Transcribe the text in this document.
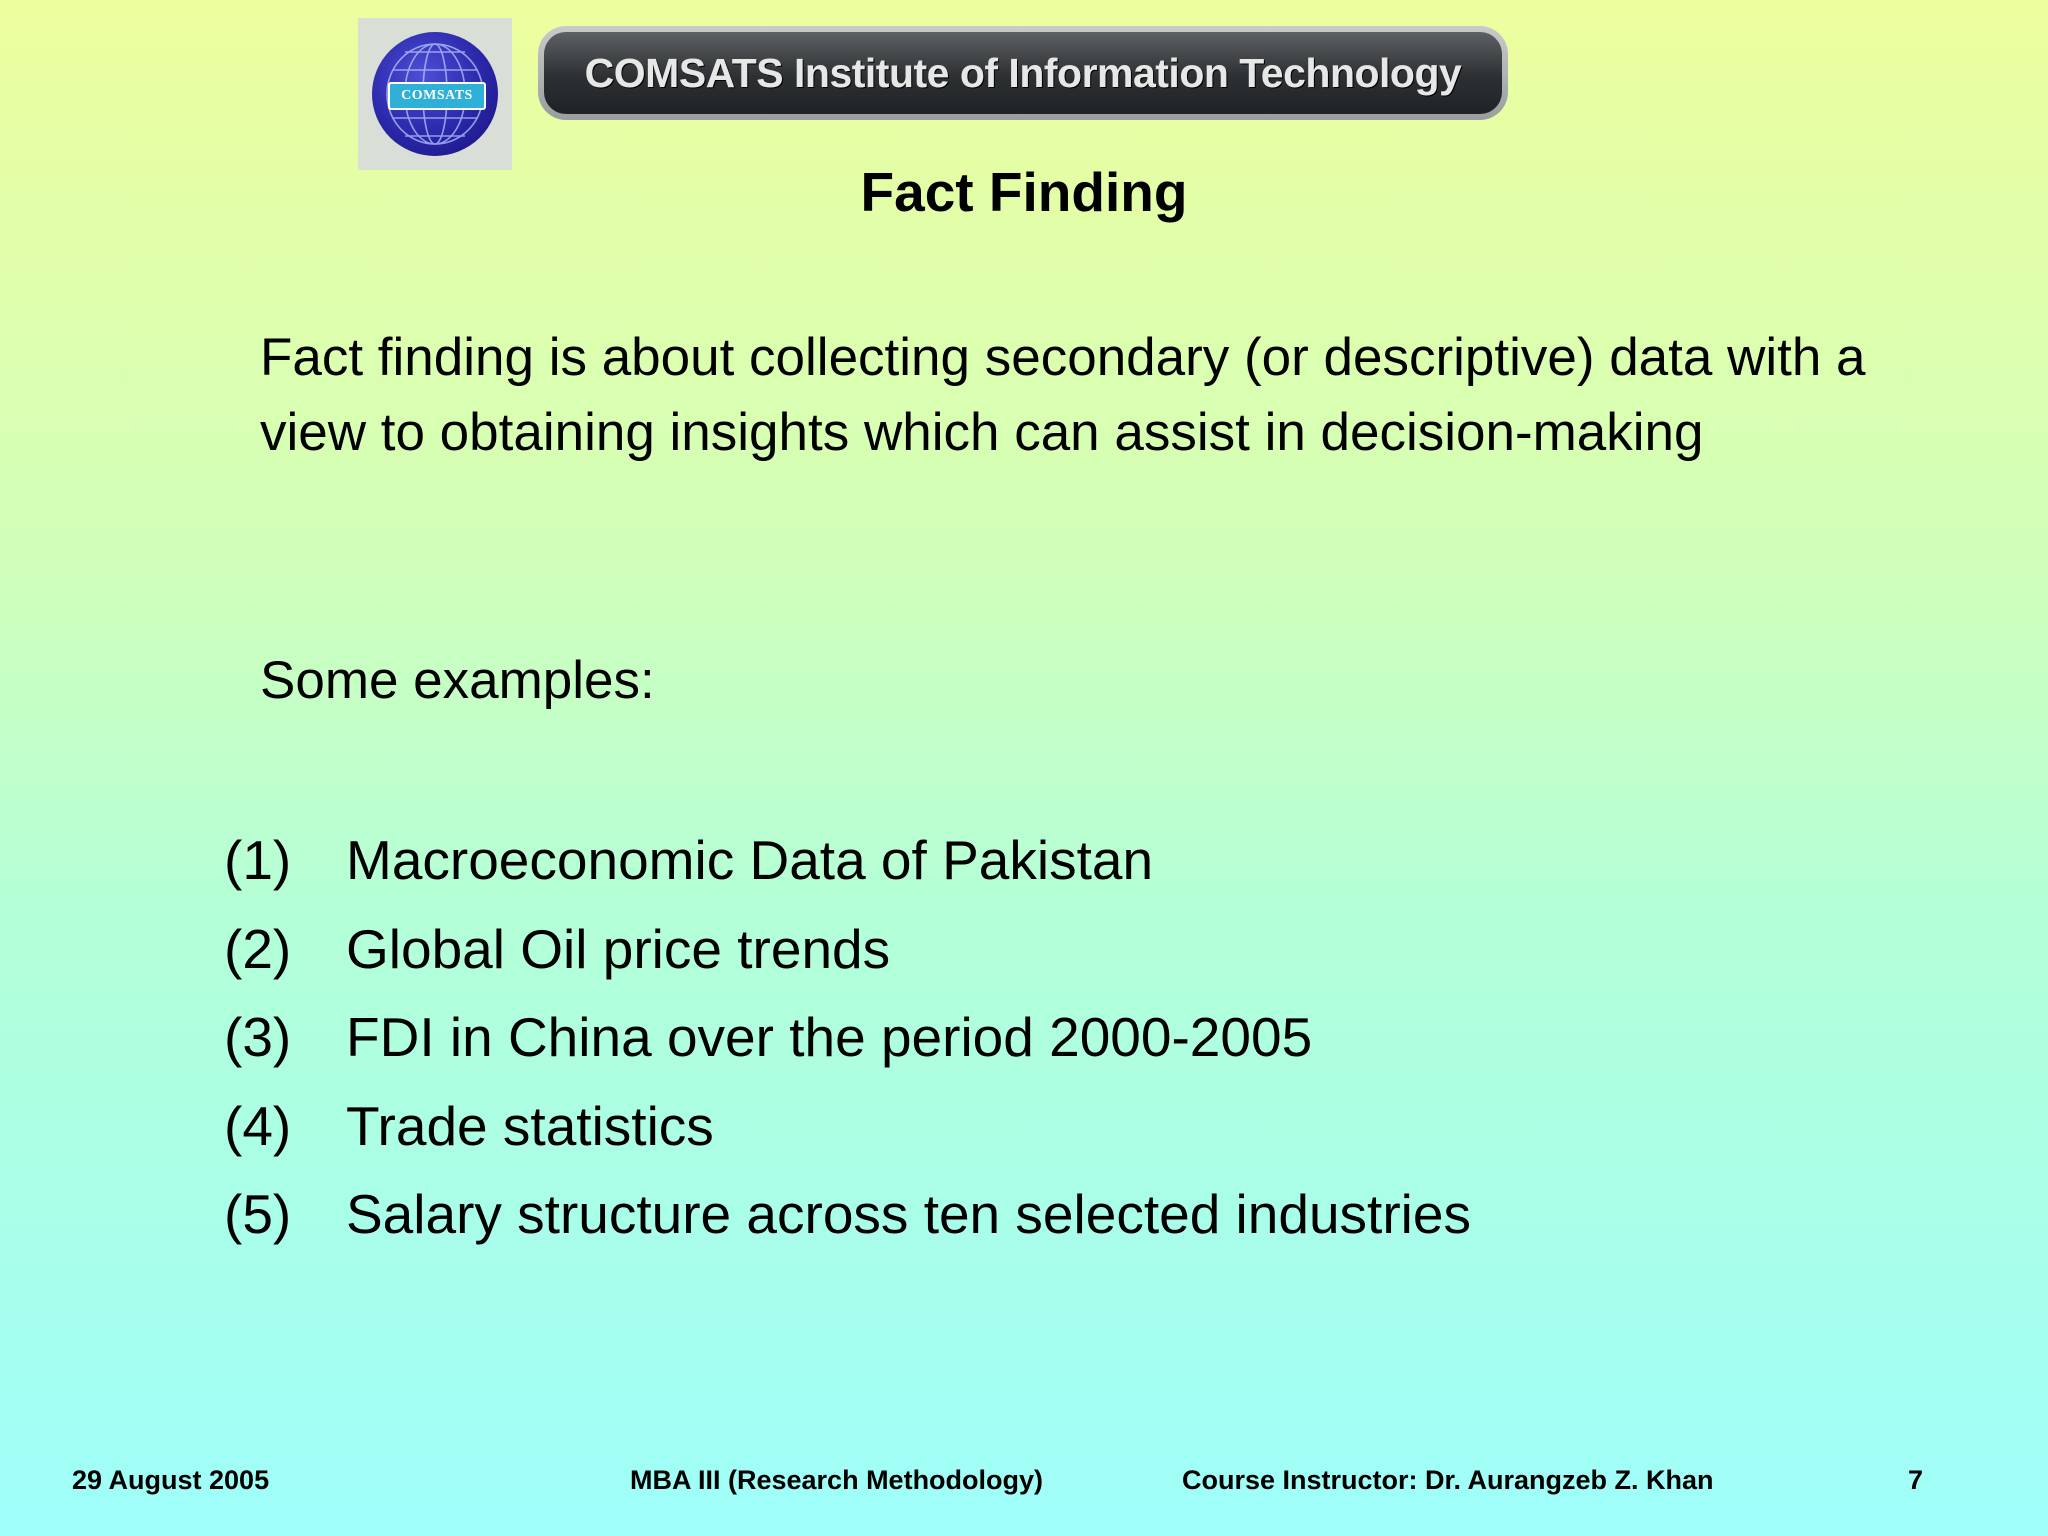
COMSATS	COMSATS Institute of Information Technology
Fact Finding
Fact finding is about collecting secondary (or descriptive) data with a view to obtaining insights which can assist in decision-making
Some examples:
(1) Macroeconomic Data of Pakistan
(2) Global Oil price trends
(3) FDI in China over the period 2000-2005
(4) Trade statistics
(5) Salary structure across ten selected industries
29 August 2005	MBA III (Research Methodology)	Course Instructor: Dr. Aurangzeb Z. Khan	7
